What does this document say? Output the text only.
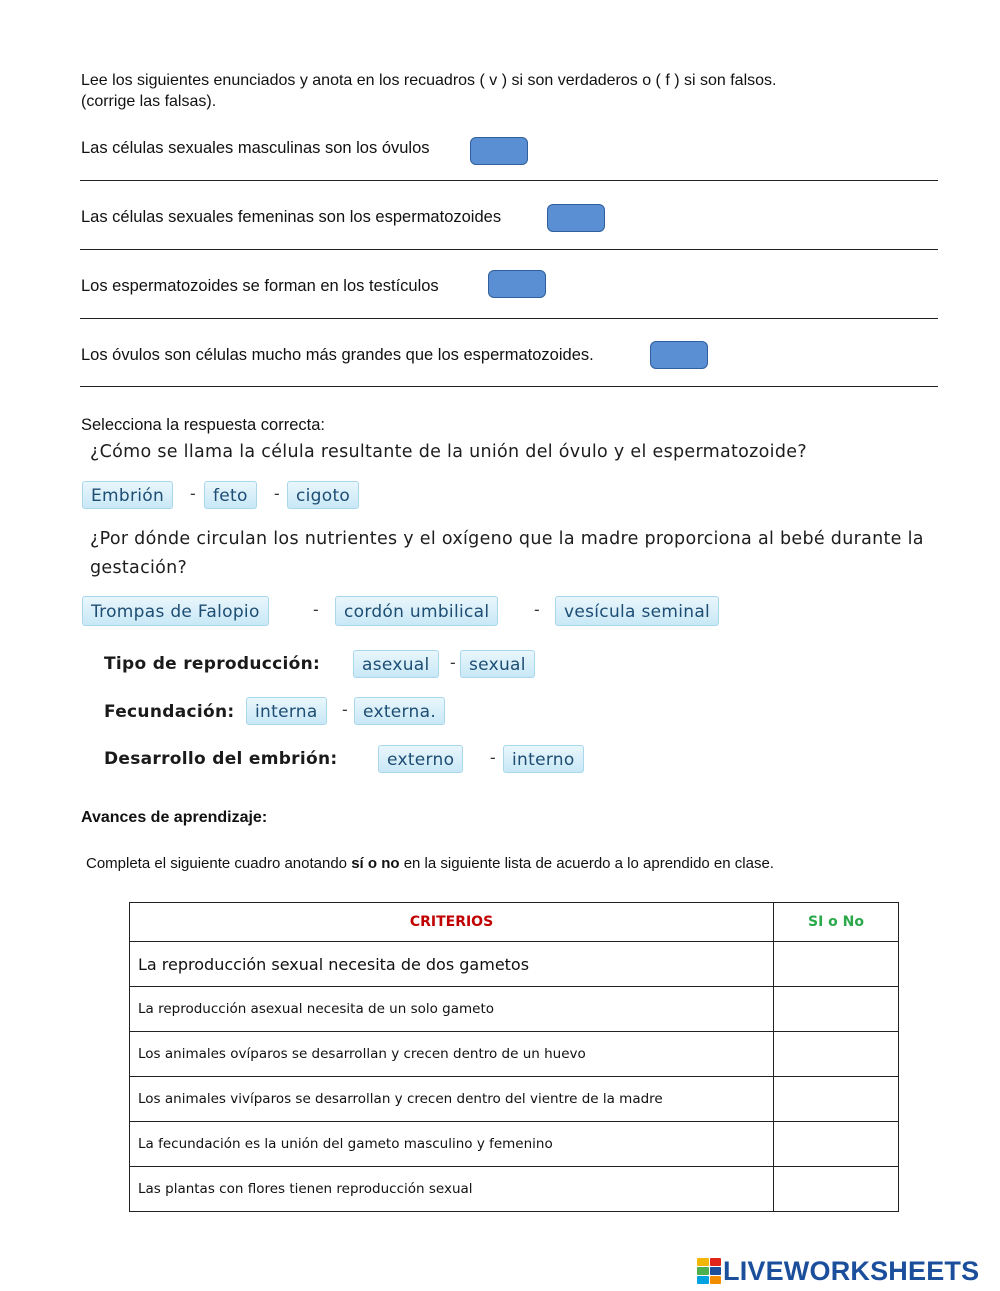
Lee los siguientes enunciados y anota en los recuadros ( v ) si son verdaderos o ( f ) si son falsos.
(corrige las falsas).
Las células sexuales masculinas son los óvulos
Las células sexuales femeninas son los espermatozoides
Los espermatozoides se forman en los testículos
Los óvulos son células mucho más grandes que los espermatozoides.
Selecciona la respuesta correcta:
¿Cómo se llama la célula resultante de la unión del óvulo y el espermatozoide?
Embrión	-	feto	- cigoto
¿Por dónde circulan los nutrientes y el oxígeno que la madre proporciona al bebé durante la gestación?
Trompas de Falopio	-	cordón umbilical	-	vesícula seminal
Tipo de reproducción:	asexual	- sexual
Fecundación:	interna	- externa.
Desarrollo del embrión:	externo	- interno
Avances de aprendizaje:
Completa el siguiente cuadro anotando sí o no en la siguiente lista de acuerdo a lo aprendido en clase.
CRITERIOS	SI o No
La reproducción sexual necesita de dos gametos	
La reproducción asexual necesita de un solo gameto	
Los animales ovíparos se desarrollan y crecen dentro de un huevo	
Los animales vivíparos se desarrollan y crecen dentro del vientre de la madre	
La fecundación es la unión del gameto masculino y femenino	
Las plantas con flores tienen reproducción sexual	
LIVEWORKSHEETS
